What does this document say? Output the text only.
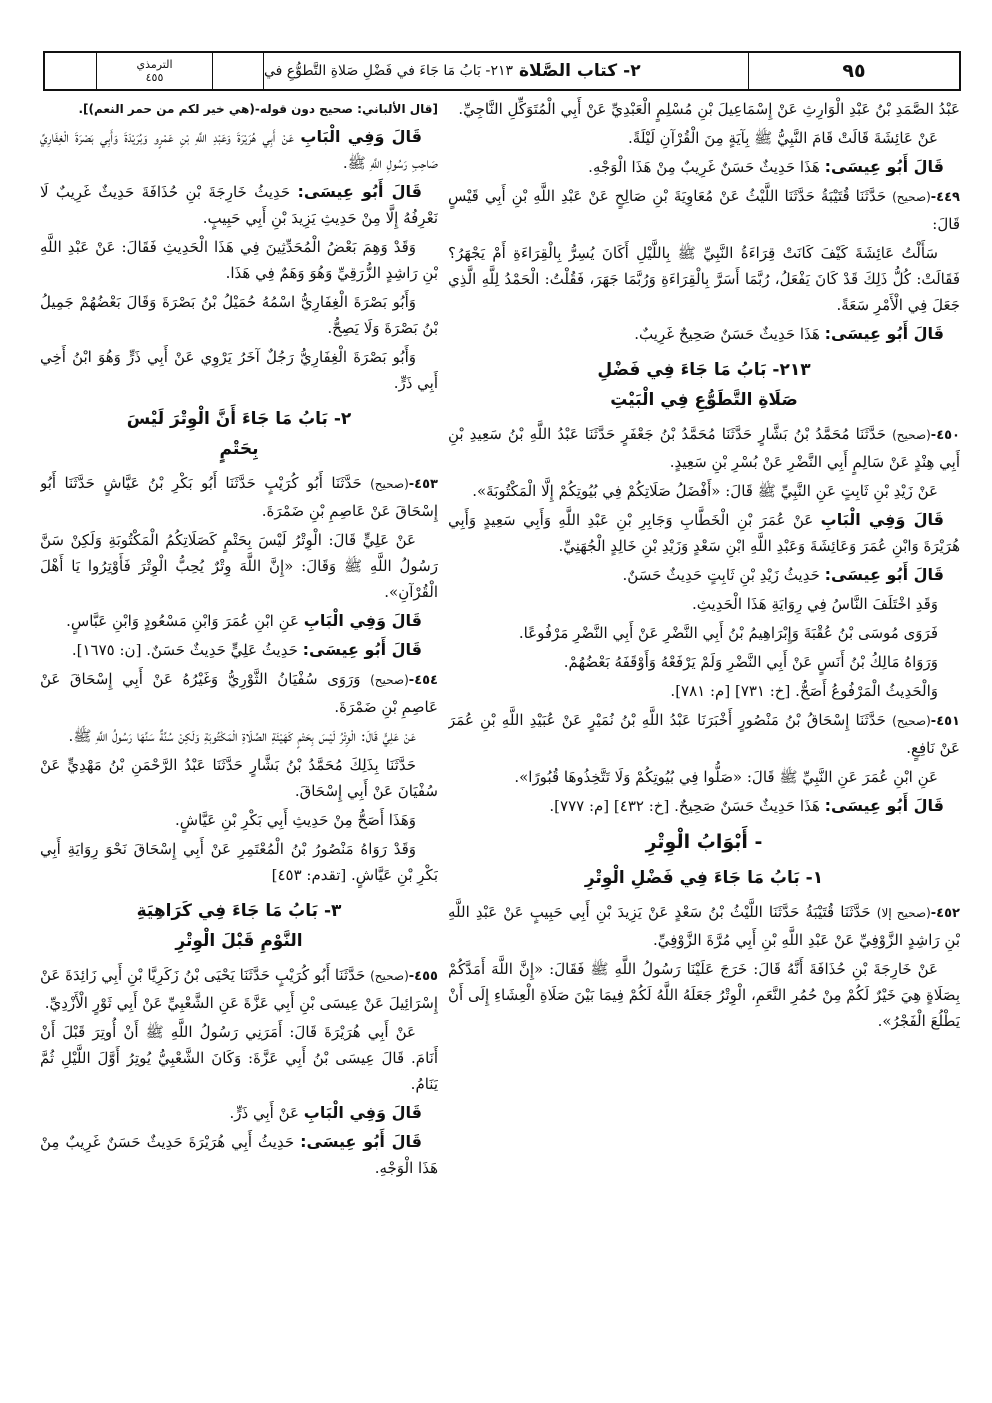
الترمذي
٤٥٥	٢-
كتاب الصَّلاة
٢١٣- بَابُ مَا جَاءَ في فَضْلِ صَلاةِ التَّطوُّعِ في	٩٥

عَبْدُ الصَّمَدِ بْنُ عَبْدِ الْوَارِثِ عَنْ إِسْمَاعِيلَ بْنِ مُسْلِمٍ الْعَبْدِيِّ عَنْ أَبِي الْمُتَوَكِّلِ النَّاجِيِّ.

عَنْ عَائِشَةَ قَالَتْ قَامَ النَّبِيُّ ﷺ بِآيَةٍ مِنَ الْقُرْآنِ لَيْلَةً.

قَالَ أَبُو عِيسَى: هَذَا حَدِيثٌ حَسَنٌ غَرِيبٌ مِنْ هَذَا الْوَجْهِ.

٤٤٩-(صحيح) حَدَّثَنَا قُتَيْبَةُ حَدَّثَنَا اللَّيْثُ عَنْ مُعَاوِيَةَ بْنِ صَالِحٍ عَنْ عَبْدِ اللَّهِ بْنِ أَبِي قَيْسٍ قَالَ:

سَأَلْتُ عَائِشَةَ كَيْفَ كَانَتْ قِرَاءَةُ النَّبِيِّ ﷺ بِاللَّيْلِ أَكَانَ يُسِرُّ بِالْقِرَاءَةِ أَمْ يَجْهَرُ؟ فَقَالَتْ: كُلُّ ذَلِكَ قَدْ كَانَ يَفْعَلُ، رُبَّمَا أَسَرَّ بِالْقِرَاءَةِ وَرُبَّمَا جَهَرَ، فَقُلْتُ: الْحَمْدُ لِلَّهِ الَّذِي جَعَلَ فِي الْأَمْرِ سَعَةً.

قَالَ أَبُو عِيسَى: هَذَا حَدِيثٌ حَسَنٌ صَحِيحٌ غَرِيبٌ.

٢١٣- بَابُ مَا جَاءَ فِي فَضْلِ
صَلَاةِ التَّطَوُّعِ فِي الْبَيْتِ

٤٥٠-(صحيح) حَدَّثَنَا مُحَمَّدُ بْنُ بَشَّارٍ حَدَّثَنَا مُحَمَّدُ بْنُ جَعْفَرٍ حَدَّثَنَا عَبْدُ اللَّهِ بْنُ سَعِيدِ بْنِ أَبِي هِنْدٍ عَنْ سَالِمٍ أَبِي النَّضْرِ عَنْ بُسْرِ بْنِ سَعِيدٍ.

عَنْ زَيْدِ بْنِ ثَابِتٍ عَنِ النَّبِيِّ ﷺ قَالَ: «أَفْضَلُ صَلَاتِكُمْ فِي بُيُوتِكُمْ إِلَّا الْمَكْتُوبَةَ».

قَالَ وَفِي الْبَابِ عَنْ عُمَرَ بْنِ الْخَطَّابِ وَجَابِرِ بْنِ عَبْدِ اللَّهِ وَأَبِي سَعِيدٍ وَأَبِي هُرَيْرَةَ وَابْنِ عُمَرَ وَعَائِشَةَ وَعَبْدِ اللَّهِ ابْنِ سَعْدٍ وَزَيْدِ بْنِ خَالِدٍ الْجُهَنِيِّ.

قَالَ أَبُو عِيسَى: حَدِيثُ زَيْدِ بْنِ ثَابِتٍ حَدِيثٌ حَسَنٌ.

وَقَدِ اخْتَلَفَ النَّاسُ فِي رِوَايَةِ هَذَا الْحَدِيثِ.

فَرَوَى مُوسَى بْنُ عُقْبَةَ وَإِبْرَاهِيمُ بْنُ أَبِي النَّضْرِ عَنْ أَبِي النَّضْرِ مَرْفُوعًا.

وَرَوَاهُ مَالِكُ بْنُ أَنَسٍ عَنْ أَبِي النَّضْرِ وَلَمْ يَرْفَعْهُ وَأَوْقَفَهُ بَعْضُهُمْ.

وَالْحَدِيثُ الْمَرْفُوعُ أَصَحُّ. [خ: ٧٣١] [م: ٧٨١].

٤٥١-(صحيح) حَدَّثَنَا إِسْحَاقُ بْنُ مَنْصُورٍ أَخْبَرَنَا عَبْدُ اللَّهِ بْنُ نُمَيْرٍ عَنْ عُبَيْدِ اللَّهِ بْنِ عُمَرَ عَنْ نَافِعٍ.

عَنِ ابْنِ عُمَرَ عَنِ النَّبِيِّ ﷺ قَالَ: «صَلُّوا فِي بُيُوتِكُمْ وَلَا تَتَّخِذُوهَا قُبُورًا».

قَالَ أَبُو عِيسَى: هَذَا حَدِيثٌ حَسَنٌ صَحِيحٌ. [خ: ٤٣٢] [م: ٧٧٧].

- أَبْوَابُ الْوِتْرِ
١- بَابُ مَا جَاءَ فِي فَضْلِ الْوِتْرِ

٤٥٢-(صحيح إلا) حَدَّثَنَا قُتَيْبَةُ حَدَّثَنَا اللَّيْثُ بْنُ سَعْدٍ عَنْ يَزِيدَ بْنِ أَبِي حَبِيبٍ عَنْ عَبْدِ اللَّهِ بْنِ رَاشِدٍ الزَّوْفِيِّ عَنْ عَبْدِ اللَّهِ بْنِ أَبِي مُرَّةَ الزَّوْفِيِّ.

عَنْ خَارِجَةَ بْنِ حُذَافَةَ أَنَّهُ قَالَ: خَرَجَ عَلَيْنَا رَسُولُ اللَّهِ ﷺ فَقَالَ: «إِنَّ اللَّهَ أَمَدَّكُمْ بِصَلَاةٍ هِيَ خَيْرٌ لَكُمْ مِنْ حُمُرِ النَّعَمِ، الْوِتْرُ جَعَلَهُ اللَّهُ لَكُمْ فِيمَا بَيْنَ صَلَاةِ الْعِشَاءِ إِلَى أَنْ يَطْلُعَ الْفَجْرُ».

[قال الألباني: صحيح دون قوله-(هي خير لكم من حمر النعم)].

قَالَ وَفِي الْبَابِ عَنْ أَبِي هُرَيْرَةَ وَعَبْدِ اللَّهِ بْنِ عَمْرٍو وَبُرَيْدَةَ وَأَبِي بَصْرَةَ الْغِفَارِيِّ صَاحِبِ رَسُولِ اللَّهِ ﷺ.

قَالَ أَبُو عِيسَى: حَدِيثُ خَارِجَةَ بْنِ حُذَافَةَ حَدِيثٌ غَرِيبٌ لَا نَعْرِفُهُ إِلَّا مِنْ حَدِيثِ يَزِيدَ بْنِ أَبِي حَبِيبٍ.

وَقَدْ وَهِمَ بَعْضُ الْمُحَدِّثِينَ فِي هَذَا الْحَدِيثِ فَقَالَ: عَنْ عَبْدِ اللَّهِ بْنِ رَاشِدٍ الزُّرَقِيِّ وَهُوَ وَهَمٌ فِي هَذَا.

وَأَبُو بَصْرَةَ الْغِفَارِيُّ اسْمُهُ حُمَيْلُ بْنُ بَصْرَةَ وَقَالَ بَعْضُهُمْ جَمِيلُ بْنُ بَصْرَةَ وَلَا يَصِحُّ.

وَأَبُو بَصْرَةَ الْغِفَارِيُّ رَجُلٌ آخَرُ يَرْوِي عَنْ أَبِي ذَرٍّ وَهُوَ ابْنُ أَخِي أَبِي ذَرٍّ.

٢- بَابُ مَا جَاءَ أَنَّ الْوِتْرَ لَيْسَ
بِحَتْمٍ

٤٥٣-(صحيح) حَدَّثَنَا أَبُو كُرَيْبٍ حَدَّثَنَا أَبُو بَكْرِ بْنُ عَيَّاشٍ حَدَّثَنَا أَبُو إِسْحَاقَ عَنْ عَاصِمِ بْنِ ضَمْرَةَ.

عَنْ عَلِيٍّ قَالَ: الْوِتْرُ لَيْسَ بِحَتْمٍ كَصَلَاتِكُمُ الْمَكْتُوبَةِ وَلَكِنْ سَنَّ رَسُولُ اللَّهِ ﷺ وَقَالَ: «إِنَّ اللَّهَ وِتْرٌ يُحِبُّ الْوِتْرَ فَأَوْتِرُوا يَا أَهْلَ الْقُرْآنِ».

قَالَ وَفِي الْبَابِ عَنِ ابْنِ عُمَرَ وَابْنِ مَسْعُودٍ وَابْنِ عَبَّاسٍ.

قَالَ أَبُو عِيسَى: حَدِيثُ عَلِيٍّ حَدِيثٌ حَسَنٌ. [ن: ١٦٧٥].

٤٥٤-(صحيح) وَرَوَى سُفْيَانُ الثَّوْرِيُّ وَغَيْرُهُ عَنْ أَبِي إِسْحَاقَ عَنْ عَاصِمِ بْنِ ضَمْرَةَ.

عَنْ عَلِيٍّ قَالَ: الْوِتْرُ لَيْسَ بِحَتْمٍ كَهَيْئَةِ الصَّلَاةِ الْمَكْتُوبَةِ وَلَكِنْ سُنَّةٌ سَنَّهَا رَسُولُ اللَّهِ ﷺ.

حَدَّثَنَا بِذَلِكَ مُحَمَّدُ بْنُ بَشَّارٍ حَدَّثَنَا عَبْدُ الرَّحْمَنِ بْنُ مَهْدِيٍّ عَنْ سُفْيَانَ عَنْ أَبِي إِسْحَاقَ.

وَهَذَا أَصَحُّ مِنْ حَدِيثِ أَبِي بَكْرِ بْنِ عَيَّاشٍ.

وَقَدْ رَوَاهُ مَنْصُورُ بْنُ الْمُعْتَمِرِ عَنْ أَبِي إِسْحَاقَ نَحْوَ رِوَايَةِ أَبِي بَكْرِ بْنِ عَيَّاشٍ. [تقدم: ٤٥٣]

٣- بَابُ مَا جَاءَ فِي كَرَاهِيَةِ
النَّوْمِ قَبْلَ الْوِتْرِ

٤٥٥-(صحيح) حَدَّثَنَا أَبُو كُرَيْبٍ حَدَّثَنَا يَحْيَى بْنُ زَكَرِيَّا بْنِ أَبِي زَائِدَةَ عَنْ إِسْرَائِيلَ عَنْ عِيسَى بْنِ أَبِي عَزَّةَ عَنِ الشَّعْبِيِّ عَنْ أَبِي ثَوْرٍ الْأَزْدِيِّ.

عَنْ أَبِي هُرَيْرَةَ قَالَ: أَمَرَنِي رَسُولُ اللَّهِ ﷺ أَنْ أُوتِرَ قَبْلَ أَنْ أَنَامَ. قَالَ عِيسَى بْنُ أَبِي عَزَّةَ: وَكَانَ الشَّعْبِيُّ يُوتِرُ أَوَّلَ اللَّيْلِ ثُمَّ يَنَامُ.

قَالَ وَفِي الْبَابِ عَنْ أَبِي ذَرٍّ.

قَالَ أَبُو عِيسَى: حَدِيثُ أَبِي هُرَيْرَةَ حَدِيثٌ حَسَنٌ غَرِيبٌ مِنْ هَذَا الْوَجْهِ.
